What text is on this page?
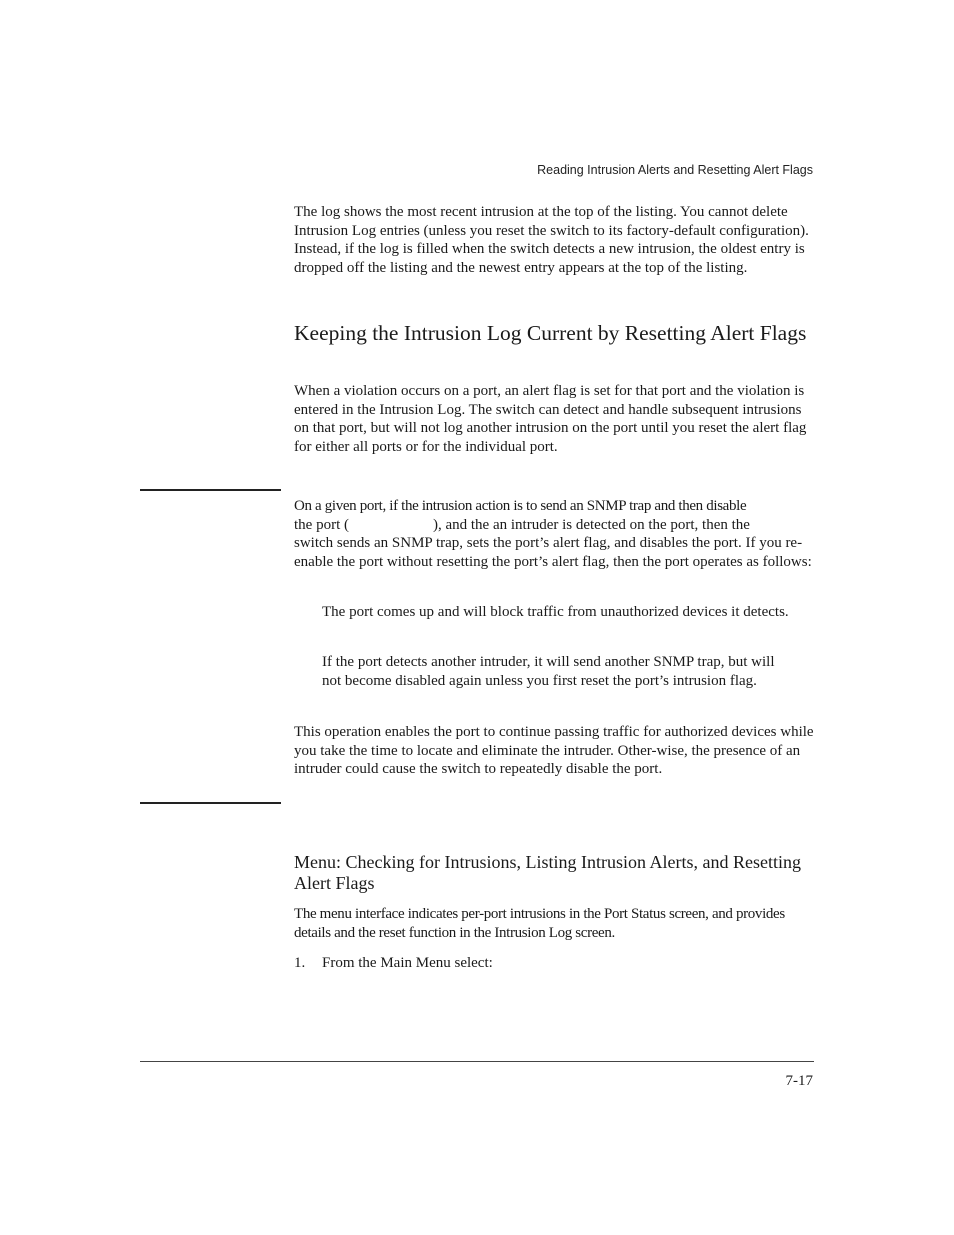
Reading Intrusion Alerts and Resetting Alert Flags

The log shows the most recent intrusion at the top of the listing. You cannot delete Intrusion Log entries (unless you reset the switch to its factory-default configuration). Instead, if the log is filled when the switch detects a new intrusion, the oldest entry is dropped off the listing and the newest entry appears at the top of the listing.

Keeping the Intrusion Log Current by Resetting Alert Flags

When a violation occurs on a port, an alert flag is set for that port and the violation is entered in the Intrusion Log. The switch can detect and handle subsequent intrusions on that port, but will not log another intrusion on the port until you reset the alert flag for either all ports or for the individual port.

On a given port, if the intrusion action is to send an SNMP trap and then disable
the port (	), and the an intruder is detected on the port, then the
switch sends an SNMP trap, sets the port’s alert flag, and disables the port. If you re-enable the port without resetting the port’s alert flag, then the port operates as follows:

The port comes up and will block traffic from unauthorized devices it detects.

If the port detects another intruder, it will send another SNMP trap, but will not become disabled again unless you first reset the port’s intrusion flag.

This operation enables the port to continue passing traffic for authorized devices while you take the time to locate and eliminate the intruder. Other-wise, the presence of an intruder could cause the switch to repeatedly disable the port.

Menu: Checking for Intrusions, Listing Intrusion Alerts, and Resetting Alert Flags

The menu interface indicates per-port intrusions in the Port Status screen, and provides details and the reset function in the Intrusion Log screen.

1. From the Main Menu select:
7-17
